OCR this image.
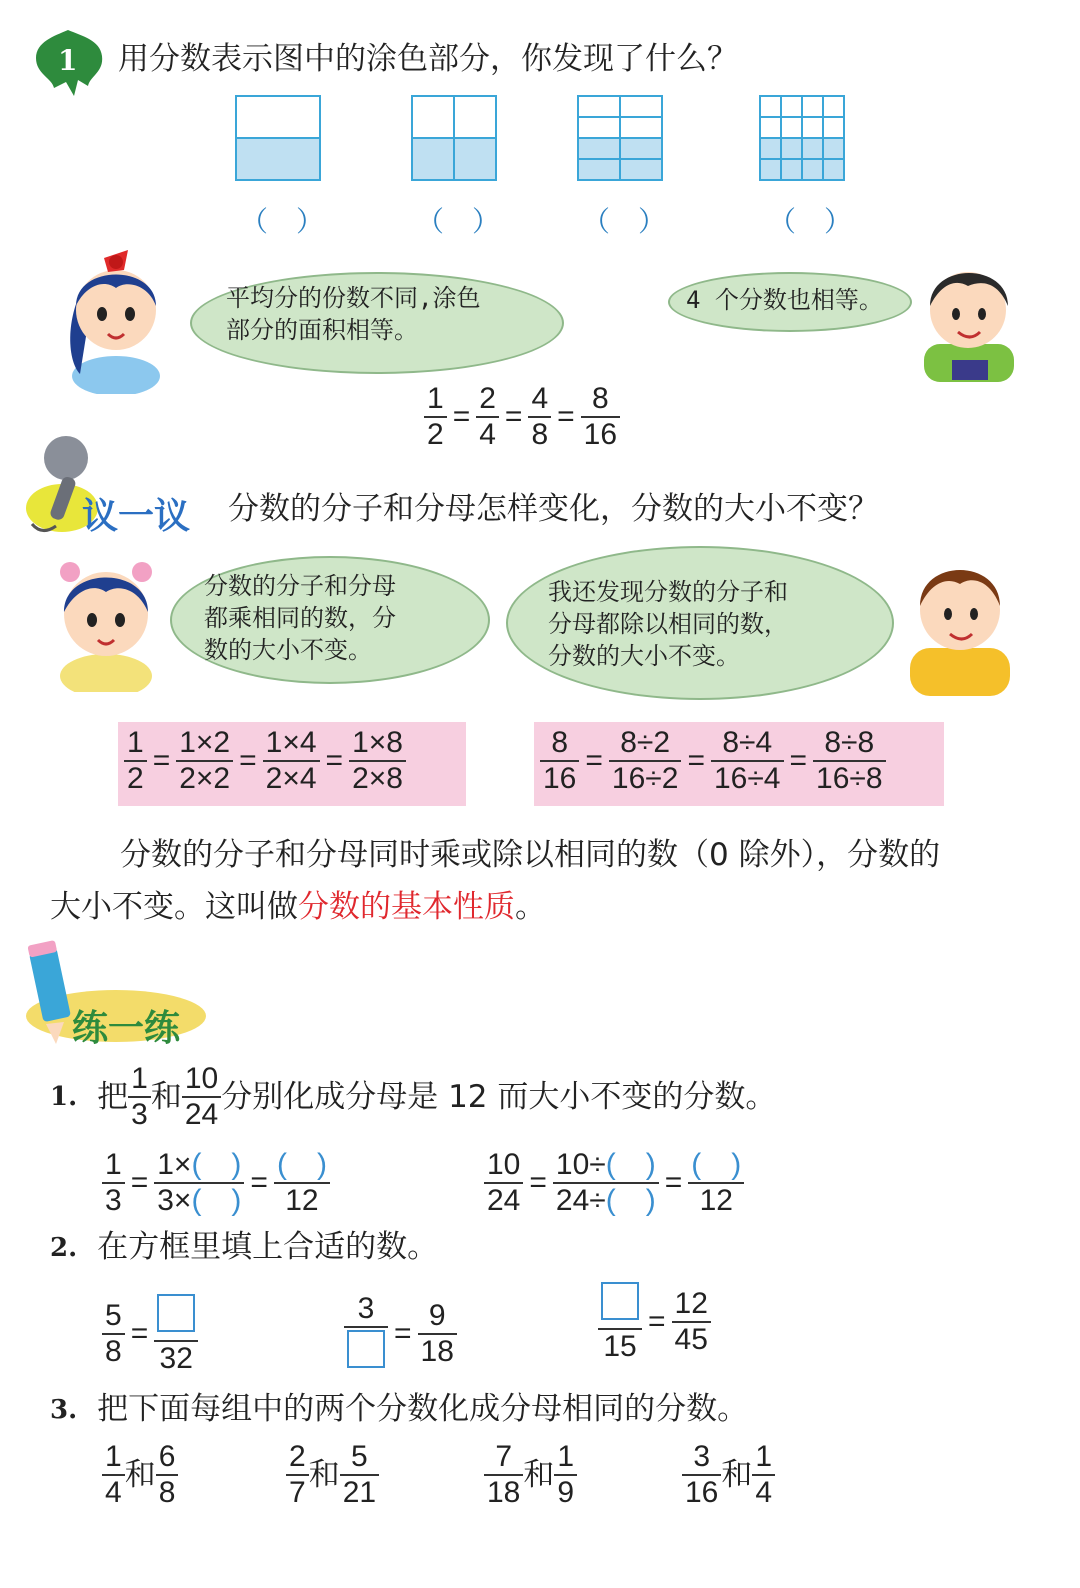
1 用分数表示图中的涂色部分，你发现了什么？
（　）	（　）	（　）	（　）
平均分的份数不同,涂色
部分的面积相等。
4 个分数也相等。
$\frac{1}{2} = \frac{2}{4} = \frac{4}{8} = \frac{8}{16}$
议一议 分数的分子和分母怎样变化，分数的大小不变？
分数的分子和分母
都乘相同的数，分
数的大小不变。
我还发现分数的分子和
分母都除以相同的数，
分数的大小不变。
$\frac{1}{2} = \frac{1\times 2}{2\times 2} = \frac{1\times 4}{2\times 4} = \frac{1\times 8}{2\times 8}$	$\frac{8}{16} = \frac{8\div 2}{16\div 2} = \frac{8\div 4}{16\div 4} = \frac{8\div 8}{16\div 8}$
分数的分子和分母同时乘或除以相同的数（0 除外），分数的
大小不变。这叫做分数的基本性质。
练一练
1. 把 $\frac{1}{3}$ 和 $\frac{10}{24}$ 分别化成分母是 12 而大小不变的分数。
$\frac{1}{3} = \frac{1\times( )}{3\times( )} = \frac{( )}{12}$	$\frac{10}{24} = \frac{10\div( )}{24\div( )} = \frac{( )}{12}$
2. 在方框里填上合适的数。
$\frac{5}{8}$ =
32
3
= $\frac{9}{18}$	15
= $\frac{12}{45}$
3. 把下面每组中的两个分数化成分母相同的分数。
$\frac{1}{4}$ 和 $\frac{6}{8}$	$\frac{2}{7}$ 和 $\frac{5}{21}$	$\frac{7}{18}$ 和 $\frac{1}{9}$	$\frac{3}{16}$ 和 $\frac{1}{4}$
